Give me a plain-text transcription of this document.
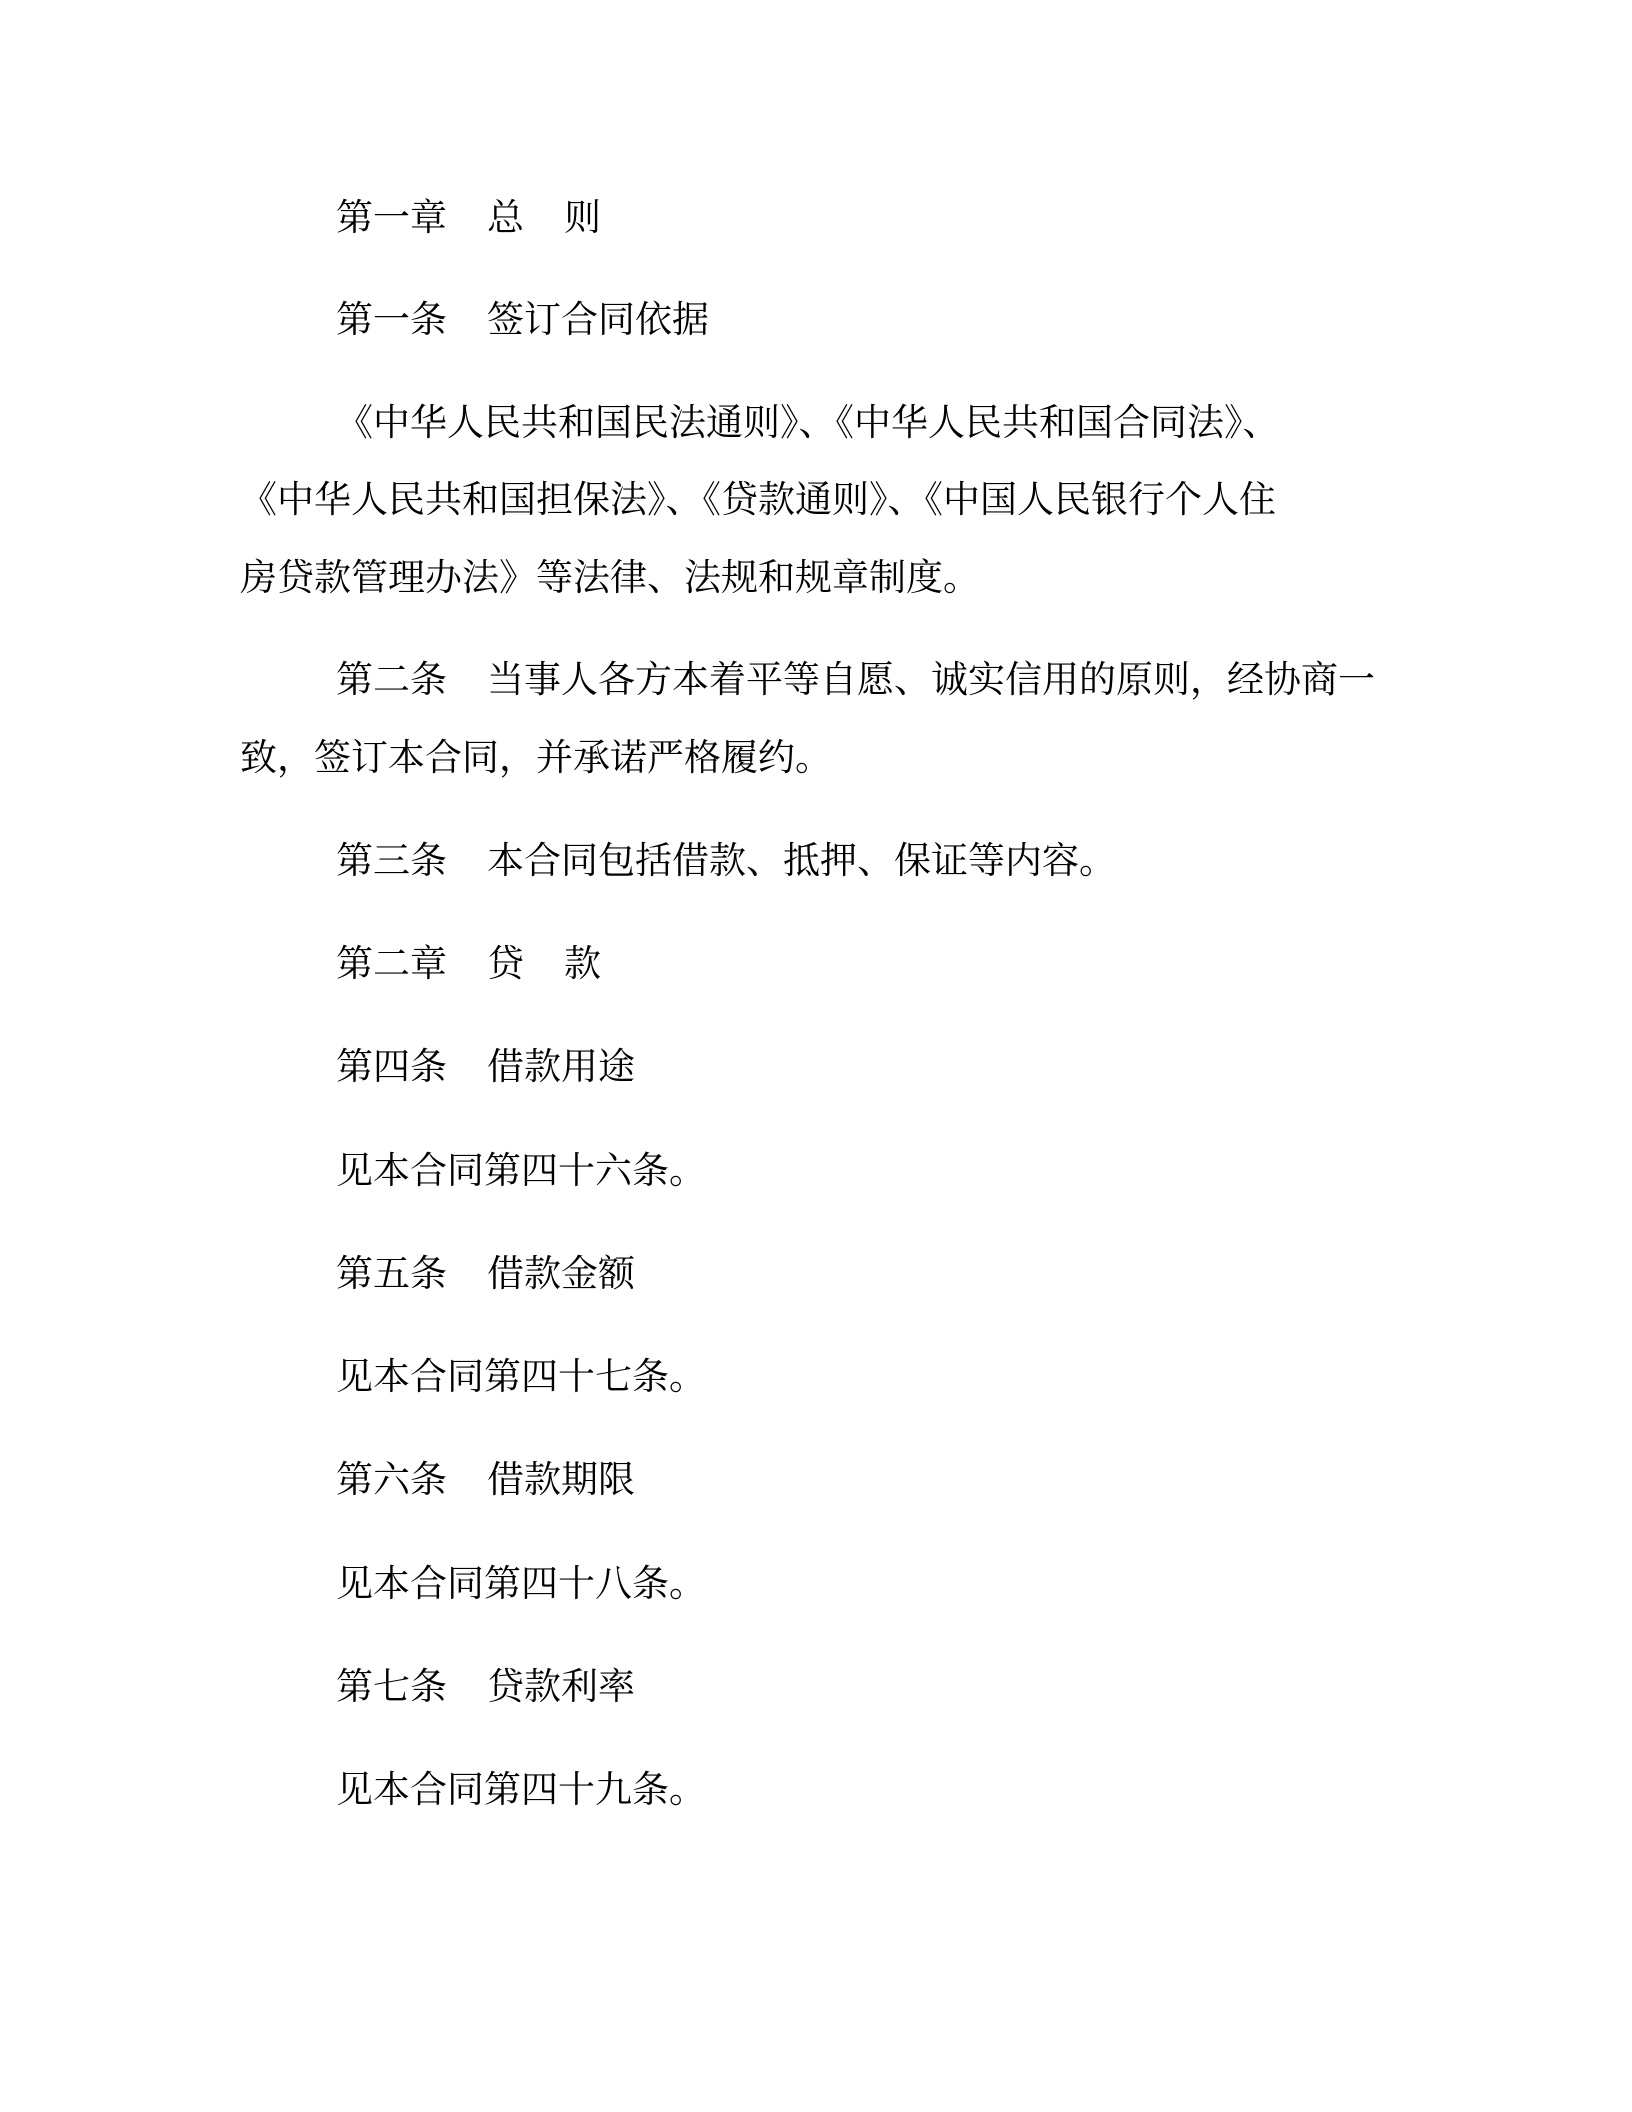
第一章 总 则
第一条 签订合同依据
《中华人民共和国民法通则》、《中华人民共和国合同法》、
《中华人民共和国担保法》、《贷款通则》、《中国人民银行个人住
房贷款管理办法》等法律、法规和规章制度。
第二条 当事人各方本着平等自愿、诚实信用的原则，经协商一
致，签订本合同，并承诺严格履约。
第三条 本合同包括借款、抵押、保证等内容。
第二章 贷 款
第四条 借款用途
见本合同第四十六条。
第五条 借款金额
见本合同第四十七条。
第六条 借款期限
见本合同第四十八条。
第七条 贷款利率
见本合同第四十九条。
